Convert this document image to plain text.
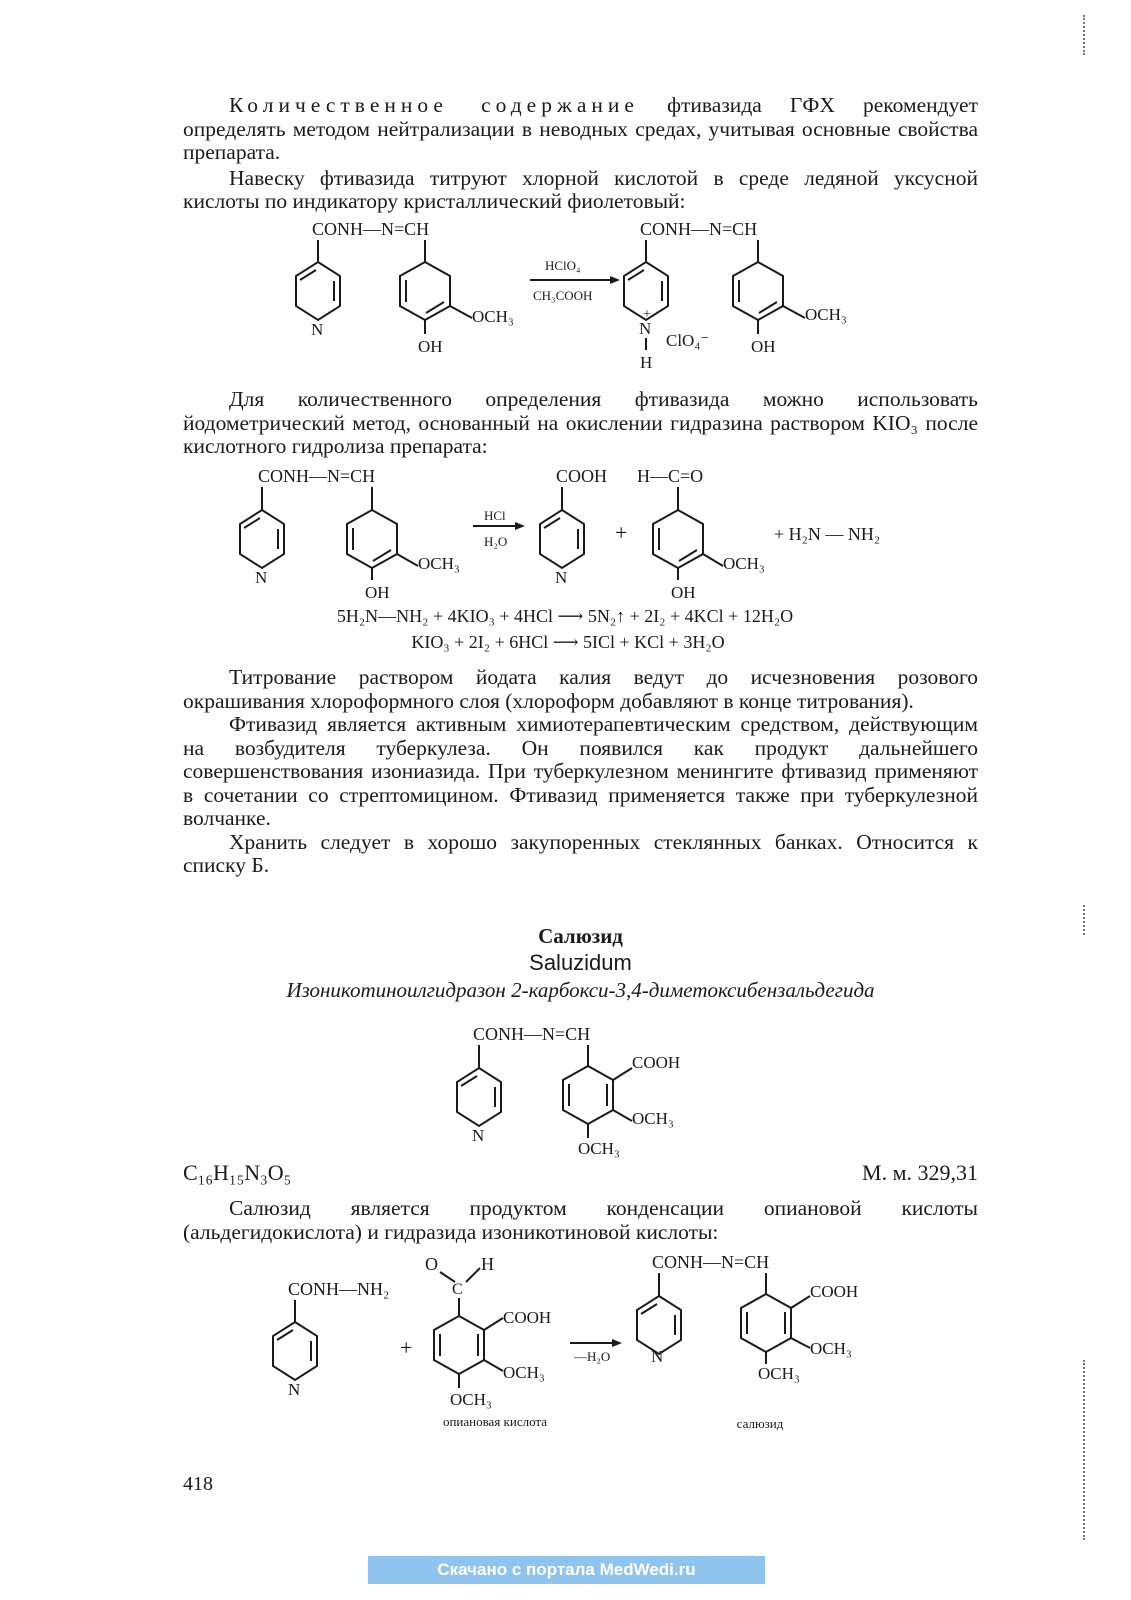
Количественное содержание фтивазида ГФХ рекомендует определять методом нейтрализации в неводных средах, учитывая основные свойства препарата.

Навеску фтивазида титруют хлорной кислотой в среде ледяной уксусной кислоты по индикатору кристаллический фиолетовый:

CONH—N=CH
N
OCH₃
OH
HClO₄
CH₃COOH
CONH—N=CH
+
N
H
ClO₄⁻
OCH₃
OH

Для количественного определения фтивазида можно использовать йодометрический метод, основанный на окислении гидразина раствором KIO₃ после кислотного гидролиза препарата:

CONH—N=CH
N
OCH₃
OH
HCl
H₂O
COOH
N
+
H—C=O
OCH₃
OH
+ H₂N — NH₂
5H₂N—NH₂ + 4KIO₃ + 4HCl ⟶ 5N₂↑ + 2I₂ + 4KCl + 12H₂O
KIO₃ + 2I₂ + 6HCl ⟶ 5ICl + KCl + 3H₂O

Титрование раствором йодата калия ведут до исчезновения розового окрашивания хлороформного слоя (хлороформ добавляют в конце титрования).

Фтивазид является активным химиотерапевтическим средством, действующим на возбудителя туберкулеза. Он появился как продукт дальнейшего совершенствования изониазида. При туберкулезном менингите фтивазид применяют в сочетании со стрептомицином. Фтивазид применяется также при туберкулезной волчанке.

Хранить следует в хорошо закупоренных стеклянных банках. Относится к списку Б.

Салюзид
Saluzidum
Изоникотиноилгидразон 2-карбокси-3,4-диметоксибензальдегида
CONH—N=CH
N
COOH
OCH₃
OCH₃
C₁₆H₁₅N₃O₅	М. м. 329,31

Салюзид является продуктом конденсации опиановой кислоты (альдегидокислота) и гидразида изоникотиновой кислоты:

CONH—NH₂
N
+
O
C
H
COOH
OCH₃
OCH₃
опиановая кислота
—H₂O
CONH—N=CH
N
COOH
OCH₃
OCH₃
салюзид
418
Скачано с портала MedWedi.ru
